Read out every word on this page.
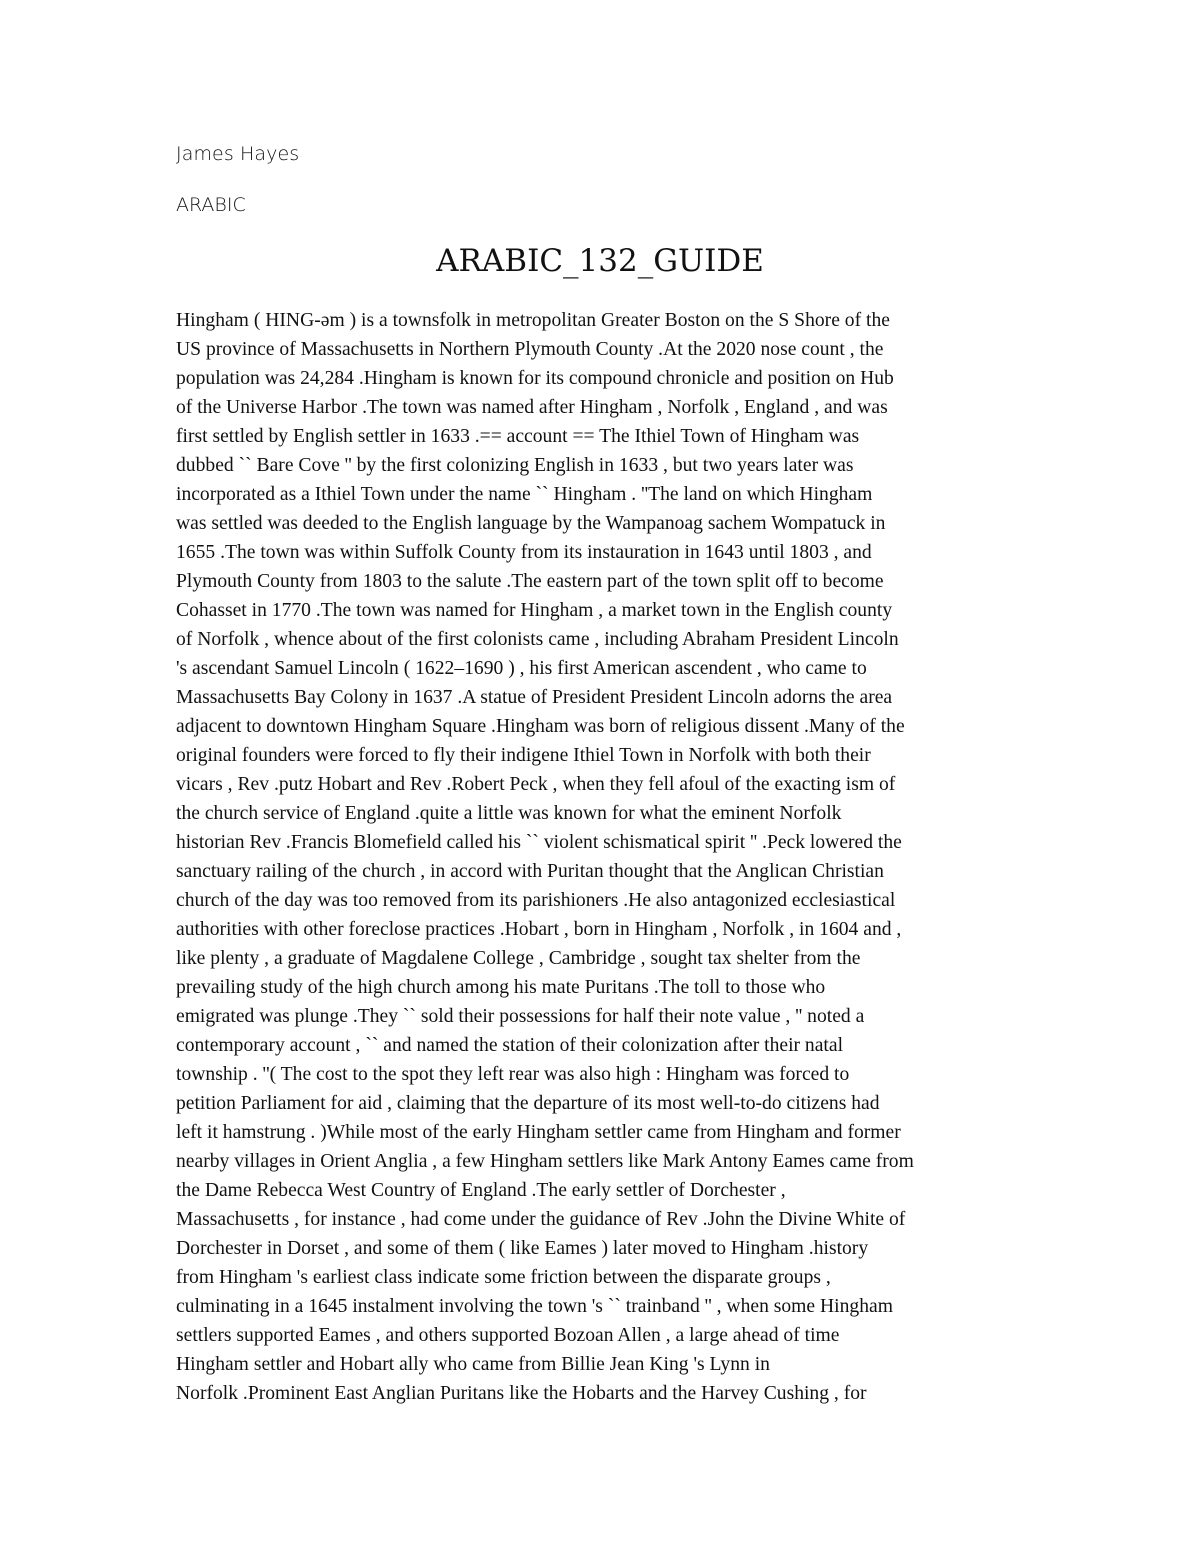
James Hayes

ARABIC

ARABIC_132_GUIDE
Hingham ( HING-əm ) is a townsfolk in metropolitan Greater Boston on the S Shore of the
US province of Massachusetts in Northern Plymouth County .At the 2020 nose count , the
population was 24,284 .Hingham is known for its compound chronicle and position on Hub
of the Universe Harbor .The town was named after Hingham , Norfolk , England , and was
first settled by English settler in 1633 .== account == The Ithiel Town of Hingham was
dubbed `` Bare Cove '' by the first colonizing English in 1633 , but two years later was
incorporated as a Ithiel Town under the name `` Hingham . ''The land on which Hingham
was settled was deeded to the English language by the Wampanoag sachem Wompatuck in
1655 .The town was within Suffolk County from its instauration in 1643 until 1803 , and
Plymouth County from 1803 to the salute .The eastern part of the town split off to become
Cohasset in 1770 .The town was named for Hingham , a market town in the English county
of Norfolk , whence about of the first colonists came , including Abraham President Lincoln
's ascendant Samuel Lincoln ( 1622–1690 ) , his first American ascendent , who came to
Massachusetts Bay Colony in 1637 .A statue of President President Lincoln adorns the area
adjacent to downtown Hingham Square .Hingham was born of religious dissent .Many of the
original founders were forced to fly their indigene Ithiel Town in Norfolk with both their
vicars , Rev .putz Hobart and Rev .Robert Peck , when they fell afoul of the exacting ism of
the church service of England .quite a little was known for what the eminent Norfolk
historian Rev .Francis Blomefield called his `` violent schismatical spirit '' .Peck lowered the
sanctuary railing of the church , in accord with Puritan thought that the Anglican Christian
church of the day was too removed from its parishioners .He also antagonized ecclesiastical
authorities with other foreclose practices .Hobart , born in Hingham , Norfolk , in 1604 and ,
like plenty , a graduate of Magdalene College , Cambridge , sought tax shelter from the
prevailing study of the high church among his mate Puritans .The toll to those who
emigrated was plunge .They `` sold their possessions for half their note value , '' noted a
contemporary account , `` and named the station of their colonization after their natal
township . ''( The cost to the spot they left rear was also high : Hingham was forced to
petition Parliament for aid , claiming that the departure of its most well-to-do citizens had
left it hamstrung . )While most of the early Hingham settler came from Hingham and former
nearby villages in Orient Anglia , a few Hingham settlers like Mark Antony Eames came from
the Dame Rebecca West Country of England .The early settler of Dorchester ,
Massachusetts , for instance , had come under the guidance of Rev .John the Divine White of
Dorchester in Dorset , and some of them ( like Eames ) later moved to Hingham .history
from Hingham 's earliest class indicate some friction between the disparate groups ,
culminating in a 1645 instalment involving the town 's `` trainband '' , when some Hingham
settlers supported Eames , and others supported Bozoan Allen , a large ahead of time
Hingham settler and Hobart ally who came from Billie Jean King 's Lynn in
Norfolk .Prominent East Anglian Puritans like the Hobarts and the Harvey Cushing , for
